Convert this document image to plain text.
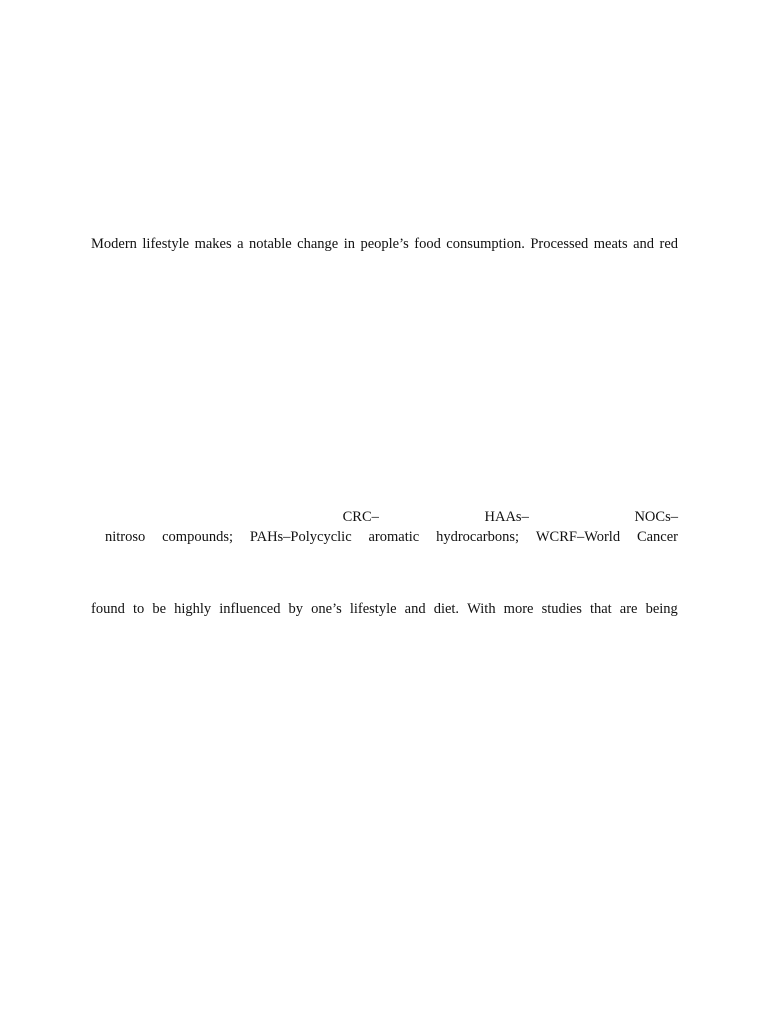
Modern lifestyle makes a notable change in people’s food consumption. Processed meats and red
CRC–	HAAs–	NOCs–
nitroso compounds; PAHs–Polycyclic aromatic hydrocarbons; WCRF–World Cancer
found to be highly influenced by one’s lifestyle and diet. With more studies that are being
